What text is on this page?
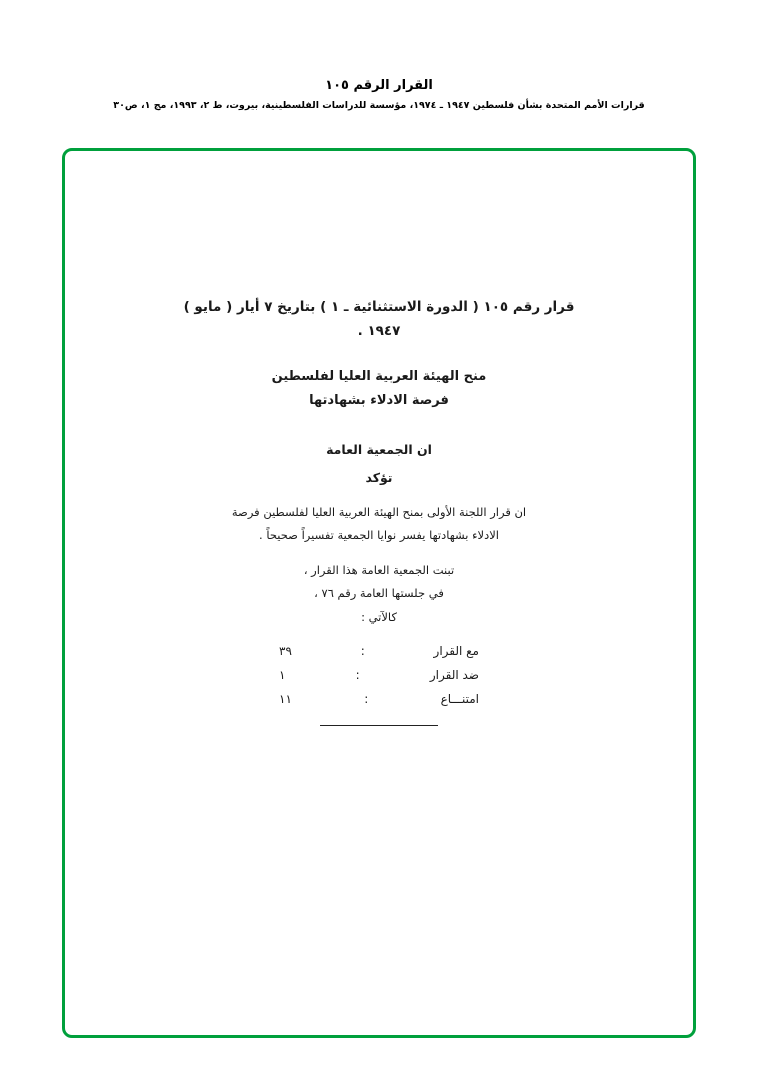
القرار الرقم ١٠٥
قرارات الأمم المتحدة بشأن فلسطين ١٩٤٧ ـ ١٩٧٤، مؤسسة للدراسات الفلسطينية، بيروت، ط ٢، ١٩٩٣، مج ١، ص٣٠
قرار رقم ١٠٥ ( الدورة الاستثنائية ـ ١ ) بتاريخ ٧ أيار ( مايو )
١٩٤٧ .
منح الهيئة العربية العليا لفلسطين
فرصة الادلاء بشهادتها
ان الجمعية العامة
تؤكد
ان قرار اللجنة الأولى بمنح الهيئة العربية العليا لفلسطين فرصة
الادلاء بشهادتها يفسر نوايا الجمعية تفسيراً صحيحاً .
تبنت الجمعية العامة هذا القرار ،
في جلستها العامة رقم ٧٦ ،
كالآتي :
مع القرار
:
٣٩
ضد القرار
:
١
امتنـــاع
:
١١
